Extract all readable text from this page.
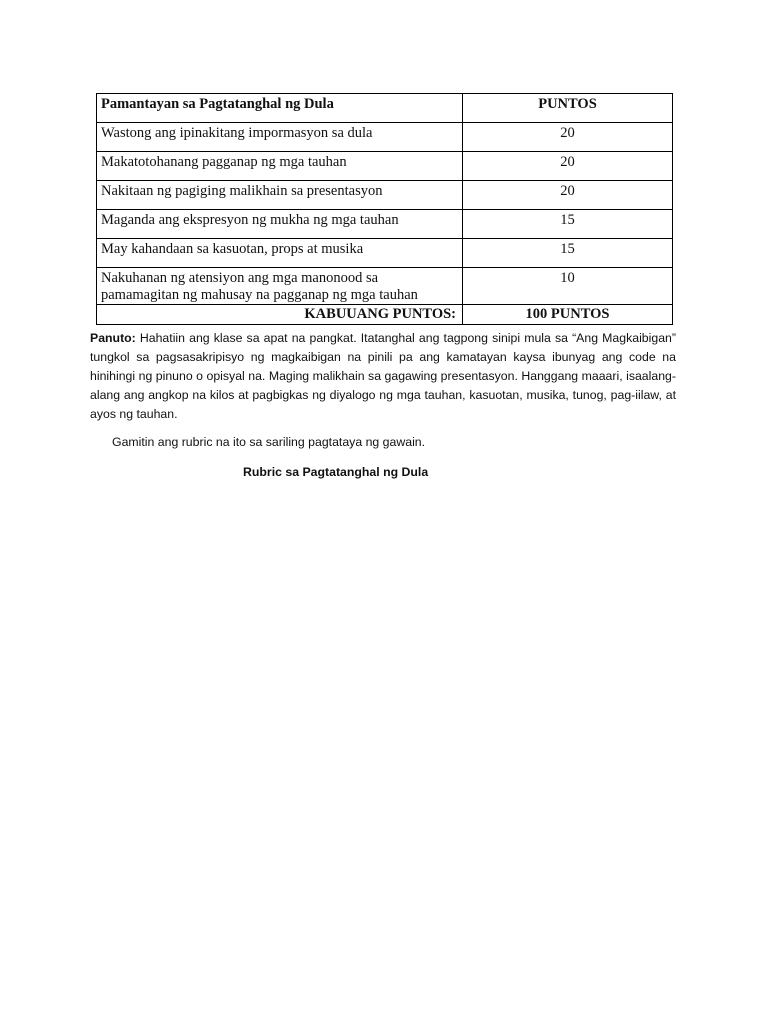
Pamantayan sa Pagtatanghal ng Dula	PUNTOS
Wastong ang ipinakitang impormasyon sa dula	20
Makatotohanang pagganap ng mga tauhan	20
Nakitaan ng pagiging malikhain sa presentasyon	20
Maganda ang ekspresyon ng mukha ng mga tauhan	15
May kahandaan sa kasuotan, props at musika	15
Nakuhanan ng atensiyon ang mga manonood sa pamamagitan ng mahusay na pagganap ng mga tauhan	10
KABUUANG PUNTOS:	100 PUNTOS

Panuto: Hahatiin ang klase sa apat na pangkat. Itatanghal ang tagpong sinipi mula sa “Ang Magkaibigan” tungkol sa pagsasakripisyo ng magkaibigan na pinili pa ang kamatayan kaysa ibunyag ang code na hinihingi ng pinuno o opisyal na. Maging malikhain sa gagawing presentasyon. Hanggang maaari, isaalang-alang ang angkop na kilos at pagbigkas ng diyalogo ng mga tauhan, kasuotan, musika, tunog, pag-iilaw, at ayos ng tauhan.

Gamitin ang rubric na ito sa sariling pagtataya ng gawain.

Rubric sa Pagtatanghal ng Dula
